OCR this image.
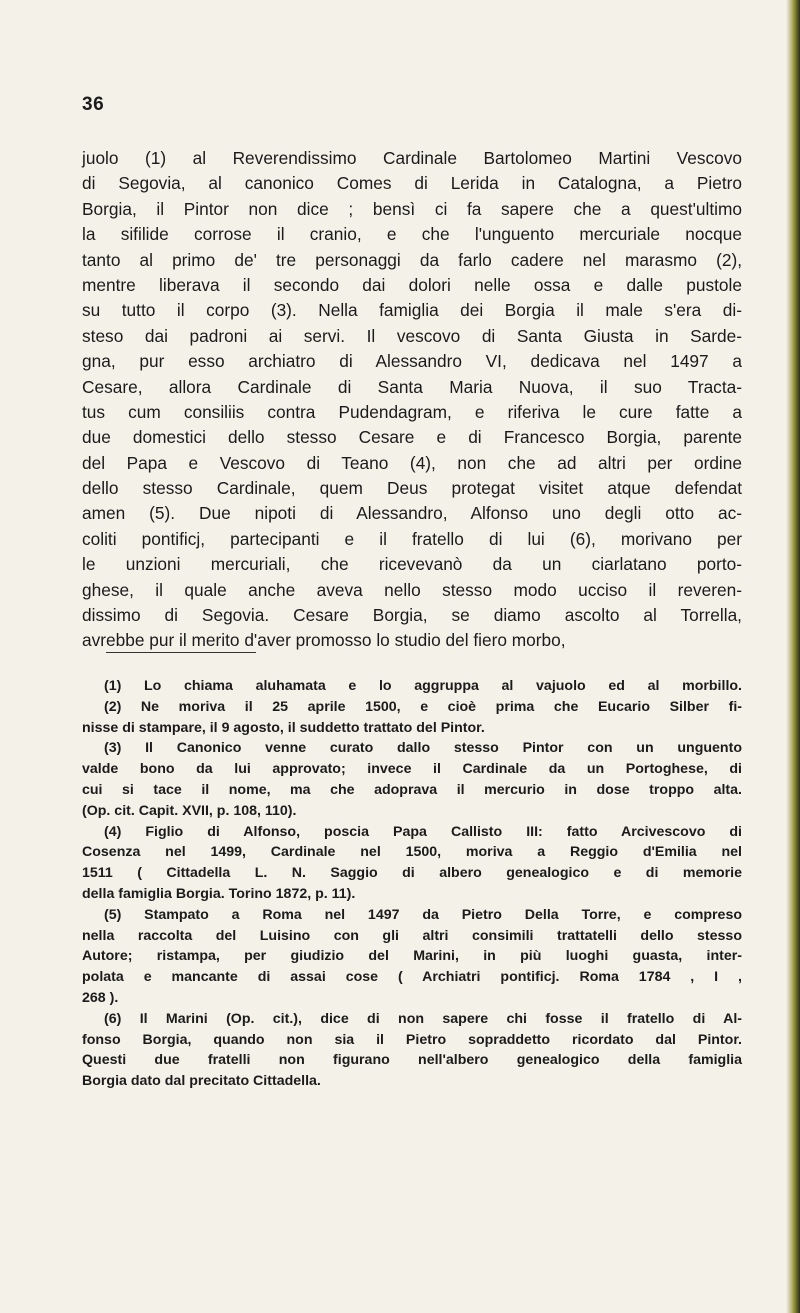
36
juolo (1) al Reverendissimo Cardinale Bartolomeo Martini Vescovo
di Segovia, al canonico Comes di Lerida in Catalogna, a Pietro
Borgia, il Pintor non dice ; bensì ci fa sapere che a quest'ultimo
la sifilide corrose il cranio, e che l'unguento mercuriale nocque
tanto al primo de' tre personaggi da farlo cadere nel marasmo (2),
mentre liberava il secondo dai dolori nelle ossa e dalle pustole
su tutto il corpo (3). Nella famiglia dei Borgia il male s'era di-
steso dai padroni ai servi. Il vescovo di Santa Giusta in Sarde-
gna, pur esso archiatro di Alessandro VI, dedicava nel 1497 a
Cesare, allora Cardinale di Santa Maria Nuova, il suo Tracta-
tus cum consiliis contra Pudendagram, e riferiva le cure fatte a
due domestici dello stesso Cesare e di Francesco Borgia, parente
del Papa e Vescovo di Teano (4), non che ad altri per ordine
dello stesso Cardinale, quem Deus protegat visitet atque defendat
amen (5). Due nipoti di Alessandro, Alfonso uno degli otto ac-
coliti pontificj, partecipanti e il fratello di lui (6), morivano per
le unzioni mercuriali, che ricevevanò da un ciarlatano porto-
ghese, il quale anche aveva nello stesso modo ucciso il reveren-
dissimo di Segovia. Cesare Borgia, se diamo ascolto al Torrella,
avrebbe pur il merito d'aver promosso lo studio del fiero morbo,
(1) Lo chiama aluhamata e lo aggruppa al vajuolo ed al morbillo.
(2) Ne moriva il 25 aprile 1500, e cioè prima che Eucario Silber fi-
nisse di stampare, il 9 agosto, il suddetto trattato del Pintor.
(3) Il Canonico venne curato dallo stesso Pintor con un unguento
valde bono da lui approvato; invece il Cardinale da un Portoghese, di
cui si tace il nome, ma che adoprava il mercurio in dose troppo alta.
(Op. cit. Capit. XVII, p. 108, 110).
(4) Figlio di Alfonso, poscia Papa Callisto III: fatto Arcivescovo di
Cosenza nel 1499, Cardinale nel 1500, moriva a Reggio d'Emilia nel
1511 ( Cittadella L. N. Saggio di albero genealogico e di memorie
della famiglia Borgia. Torino 1872, p. 11).
(5) Stampato a Roma nel 1497 da Pietro Della Torre, e compreso
nella raccolta del Luisino con gli altri consimili trattatelli dello stesso
Autore; ristampa, per giudizio del Marini, in più luoghi guasta, inter-
polata e mancante di assai cose ( Archiatri pontificj. Roma 1784 , I ,
268 ).
(6) Il Marini (Op. cit.), dice di non sapere chi fosse il fratello di Al-
fonso Borgia, quando non sia il Pietro sopraddetto ricordato dal Pintor.
Questi due fratelli non figurano nell'albero genealogico della famiglia
Borgia dato dal precitato Cittadella.
